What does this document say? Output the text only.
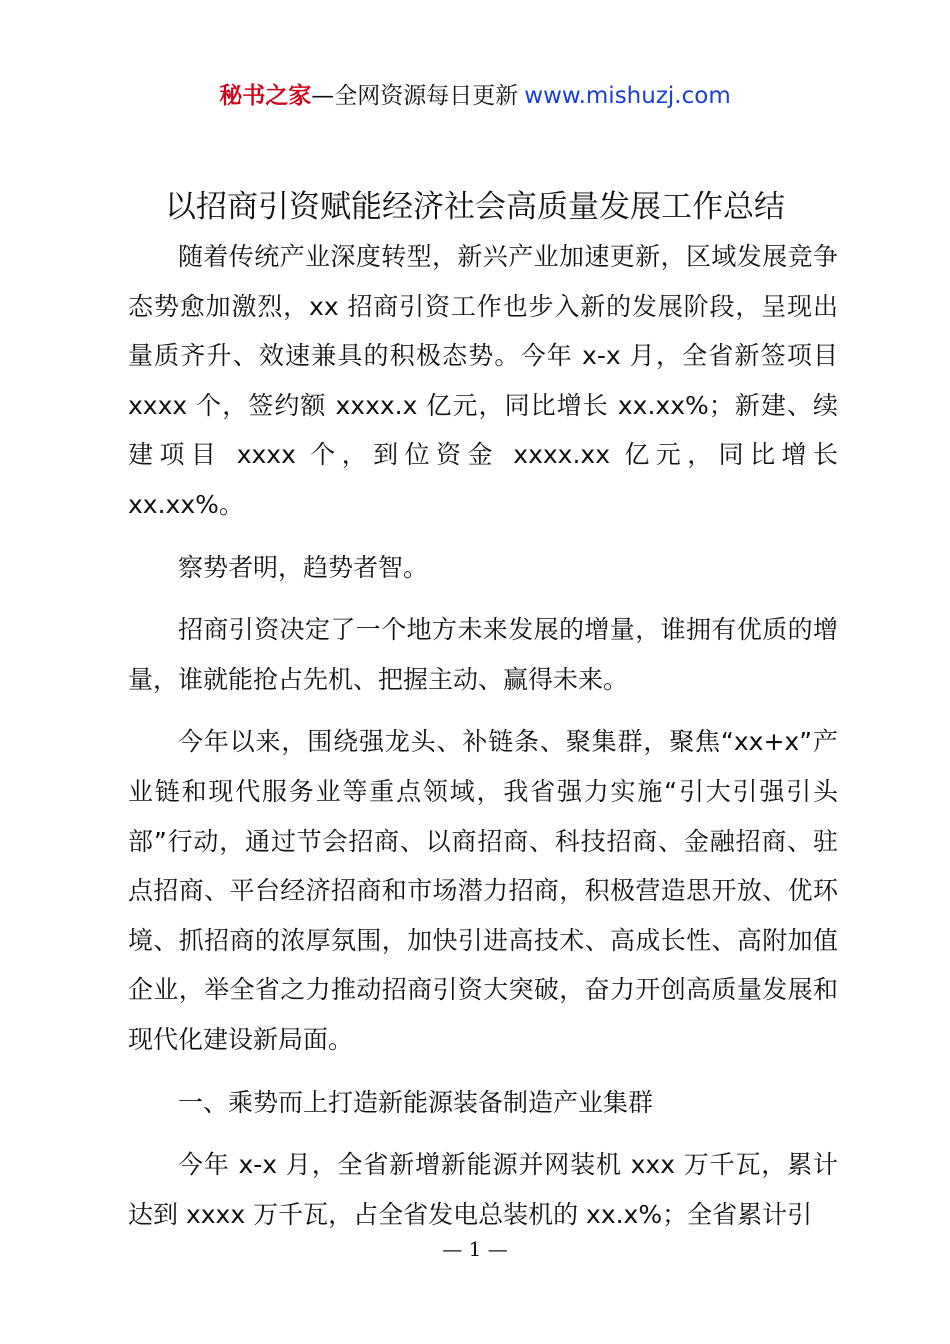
秘书之家—全网资源每日更新 www.mishuzj.com
以招商引资赋能经济社会高质量发展工作总结

随着传统产业深度转型，新兴产业加速更新，区域发展竞争态势愈加激烈，xx 招商引资工作也步入新的发展阶段，呈现出量质齐升、效速兼具的积极态势。今年 x-x 月，全省新签项目 xxxx 个，签约额 xxxx.x 亿元，同比增长 xx.xx%；新建、续建项目 xxxx 个，到位资金 xxxx.xx 亿元，同比增长 xx.xx%。

察势者明，趋势者智。

招商引资决定了一个地方未来发展的增量，谁拥有优质的增量，谁就能抢占先机、把握主动、赢得未来。

今年以来，围绕强龙头、补链条、聚集群，聚焦“xx+x”产业链和现代服务业等重点领域，我省强力实施“引大引强引头部”行动，通过节会招商、以商招商、科技招商、金融招商、驻点招商、平台经济招商和市场潜力招商，积极营造思开放、优环境、抓招商的浓厚氛围，加快引进高技术、高成长性、高附加值企业，举全省之力推动招商引资大突破，奋力开创高质量发展和现代化建设新局面。

一、乘势而上打造新能源装备制造产业集群

今年 x-x 月，全省新增新能源并网装机 xxx 万千瓦，累计达到 xxxx 万千瓦，占全省发电总装机的 xx.x%；全省累计引

— 1 —
